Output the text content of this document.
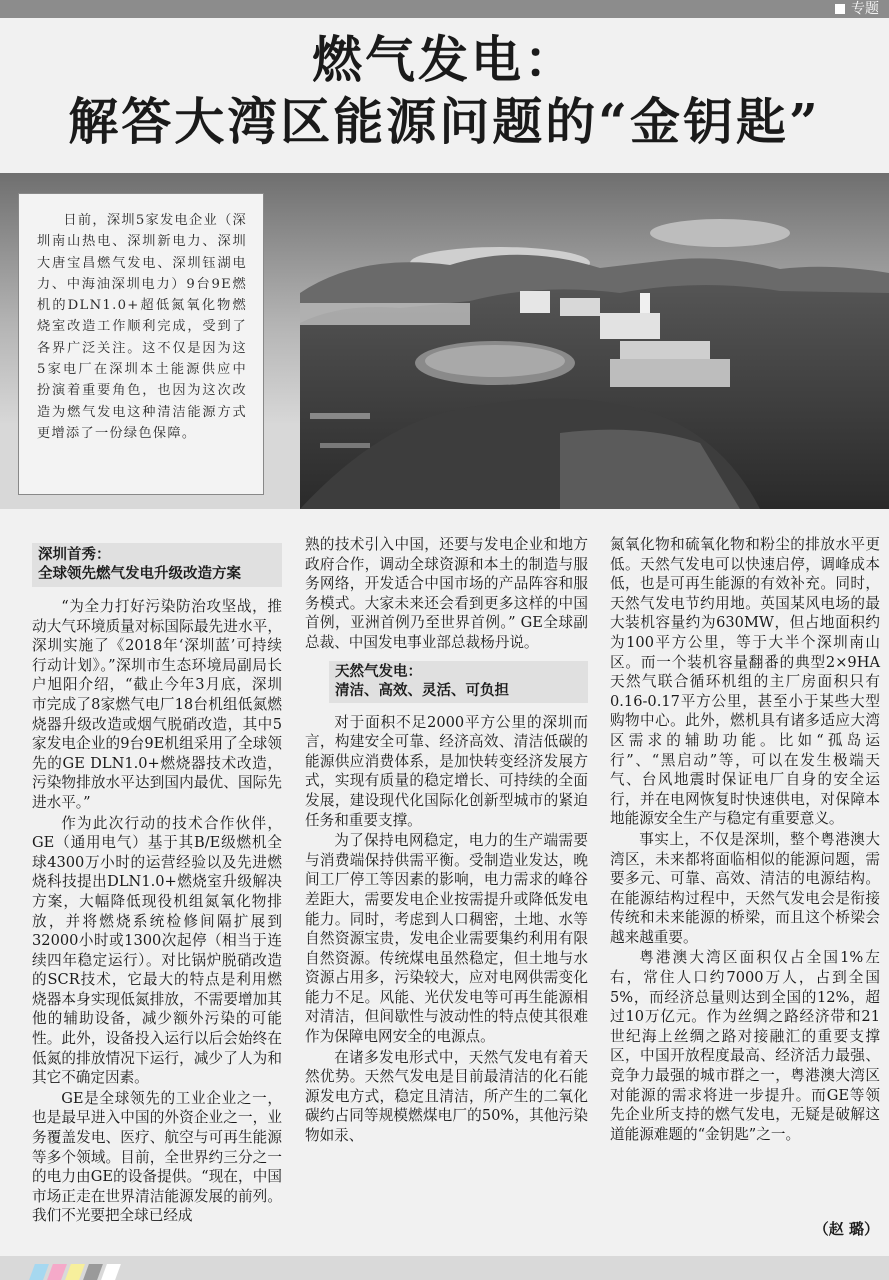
专题
燃气发电：
解答大湾区能源问题的“金钥匙”
日前，深圳5家发电企业（深圳南山热电、深圳新电力、深圳大唐宝昌燃气发电、深圳钰湖电力、中海油深圳电力）9台9E燃机的DLN1.0+超低氮氧化物燃烧室改造工作顺利完成，受到了各界广泛关注。这不仅是因为这5家电厂在深圳本土能源供应中扮演着重要角色，也因为这次改造为燃气发电这种清洁能源方式更增添了一份绿色保障。
深圳首秀：
全球领先燃气发电升级改造方案

“为全力打好污染防治攻坚战，推动大气环境质量对标国际最先进水平，深圳实施了《2018年‘深圳蓝’可持续行动计划》。”深圳市生态环境局副局长户旭阳介绍，“截止今年3月底，深圳市完成了8家燃气电厂18台机组低氮燃烧器升级改造或烟气脱硝改造，其中5家发电企业的9台9E机组采用了全球领先的GE DLN1.0+燃烧器技术改造，污染物排放水平达到国内最优、国际先进水平。”

作为此次行动的技术合作伙伴，GE（通用电气）基于其B/E级燃机全球4300万小时的运营经验以及先进燃烧科技提出DLN1.0+燃烧室升级解决方案，大幅降低现役机组氮氧化物排放，并将燃烧系统检修间隔扩展到32000小时或1300次起停（相当于连续四年稳定运行）。对比锅炉脱硝改造的SCR技术，它最大的特点是利用燃烧器本身实现低氮排放，不需要增加其他的辅助设备，减少额外污染的可能性。此外，设备投入运行以后会始终在低氮的排放情况下运行，减少了人为和其它不确定因素。

GE是全球领先的工业企业之一，也是最早进入中国的外资企业之一，业务覆盖发电、医疗、航空与可再生能源等多个领域。目前，全世界约三分之一的电力由GE的设备提供。“现在，中国市场正走在世界清洁能源发展的前列。我们不光要把全球已经成

熟的技术引入中国，还要与发电企业和地方政府合作，调动全球资源和本土的制造与服务网络，开发适合中国市场的产品阵容和服务模式。大家未来还会看到更多这样的中国首例，亚洲首例乃至世界首例。” GE全球副总裁、中国发电事业部总裁杨丹说。

天然气发电：
清洁、高效、灵活、可负担

对于面积不足2000平方公里的深圳而言，构建安全可靠、经济高效、清洁低碳的能源供应消费体系，是加快转变经济发展方式，实现有质量的稳定增长、可持续的全面发展，建设现代化国际化创新型城市的紧迫任务和重要支撑。

为了保持电网稳定，电力的生产端需要与消费端保持供需平衡。受制造业发达，晚间工厂停工等因素的影响，电力需求的峰谷差距大，需要发电企业按需提升或降低发电能力。同时，考虑到人口稠密，土地、水等自然资源宝贵，发电企业需要集约利用有限自然资源。传统煤电虽然稳定，但土地与水资源占用多，污染较大，应对电网供需变化能力不足。风能、光伏发电等可再生能源相对清洁，但间歇性与波动性的特点使其很难作为保障电网安全的电源点。

在诸多发电形式中，天然气发电有着天然优势。天然气发电是目前最清洁的化石能源发电方式，稳定且清洁，所产生的二氧化碳约占同等规模燃煤电厂的50%，其他污染物如汞、

氮氧化物和硫氧化物和粉尘的排放水平更低。天然气发电可以快速启停，调峰成本低，也是可再生能源的有效补充。同时，天然气发电节约用地。英国某风电场的最大装机容量约为630MW，但占地面积约为100平方公里，等于大半个深圳南山区。而一个装机容量翻番的典型2×9HA天然气联合循环机组的主厂房面积只有0.16-0.17平方公里，甚至小于某些大型购物中心。此外，燃机具有诸多适应大湾区需求的辅助功能。比如“孤岛运行”、“黑启动”等，可以在发生极端天气、台风地震时保证电厂自身的安全运行，并在电网恢复时快速供电，对保障本地能源安全生产与稳定有重要意义。

事实上，不仅是深圳，整个粤港澳大湾区，未来都将面临相似的能源问题，需要多元、可靠、高效、清洁的电源结构。在能源结构过程中，天然气发电会是衔接传统和未来能源的桥梁，而且这个桥梁会越来越重要。

粤港澳大湾区面积仅占全国1%左右，常住人口约7000万人，占到全国5%，而经济总量则达到全国的12%，超过10万亿元。作为丝绸之路经济带和21世纪海上丝绸之路对接融汇的重要支撑区，中国开放程度最高、经济活力最强、竞争力最强的城市群之一，粤港澳大湾区对能源的需求将进一步提升。而GE等领先企业所支持的燃气发电，无疑是破解这道能源难题的“金钥匙”之一。

（赵 璐）
